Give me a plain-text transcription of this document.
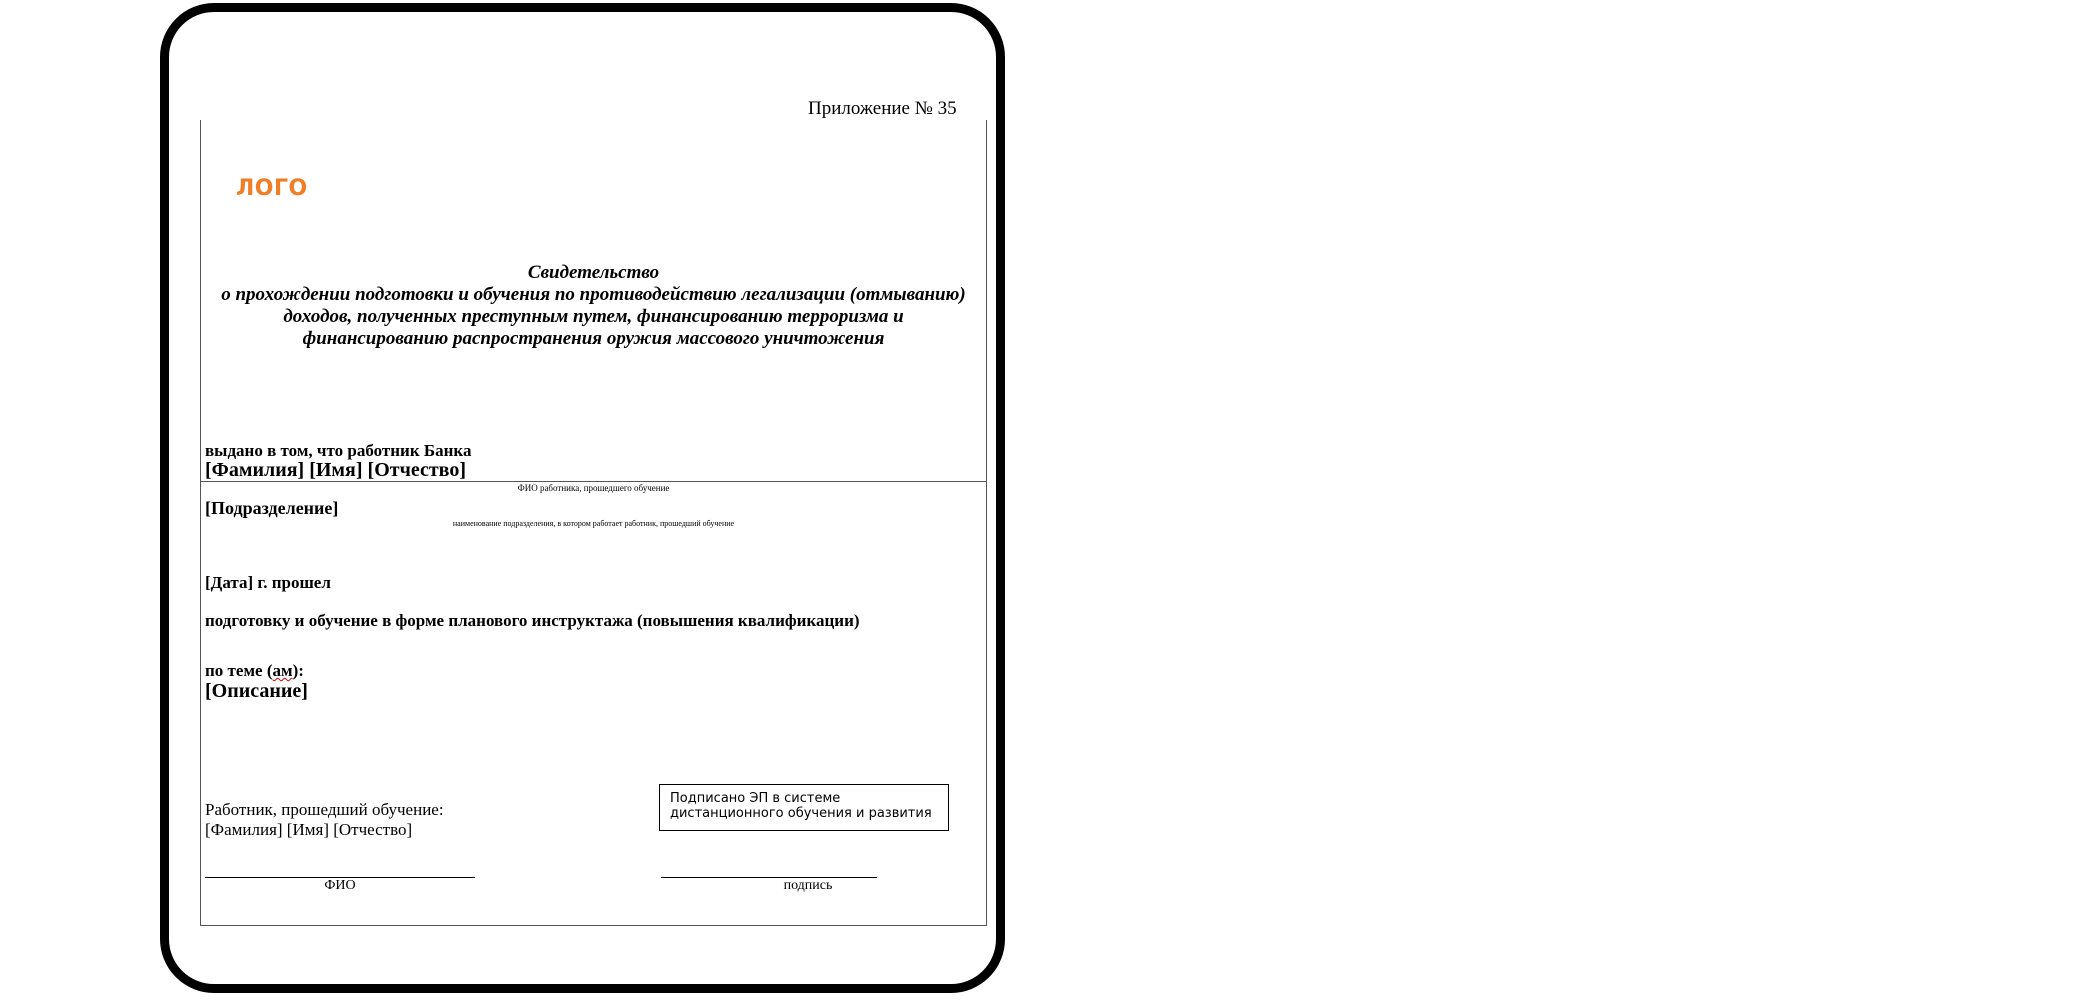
Приложение № 35
ЛОГО
Свидетельство
о прохождении подготовки и обучения по противодействию легализации (отмыванию) доходов, полученных преступным путем, финансированию терроризма и финансированию распространения оружия массового уничтожения
выдано в том, что работник Банка
[Фамилия] [Имя] [Отчество]
ФИО работника, прошедшего обучение
[Подразделение]
наименование подразделения, в котором работает работник, прошедший обучение
[Дата] г. прошел
подготовку и обучение в форме планового инструктажа (повышения квалификации)
по теме (ам):
[Описание]
Подписано ЭП в системе
дистанционного обучения и развития
Работник, прошедший обучение:
[Фамилия] [Имя] [Отчество]
ФИО	подпись
